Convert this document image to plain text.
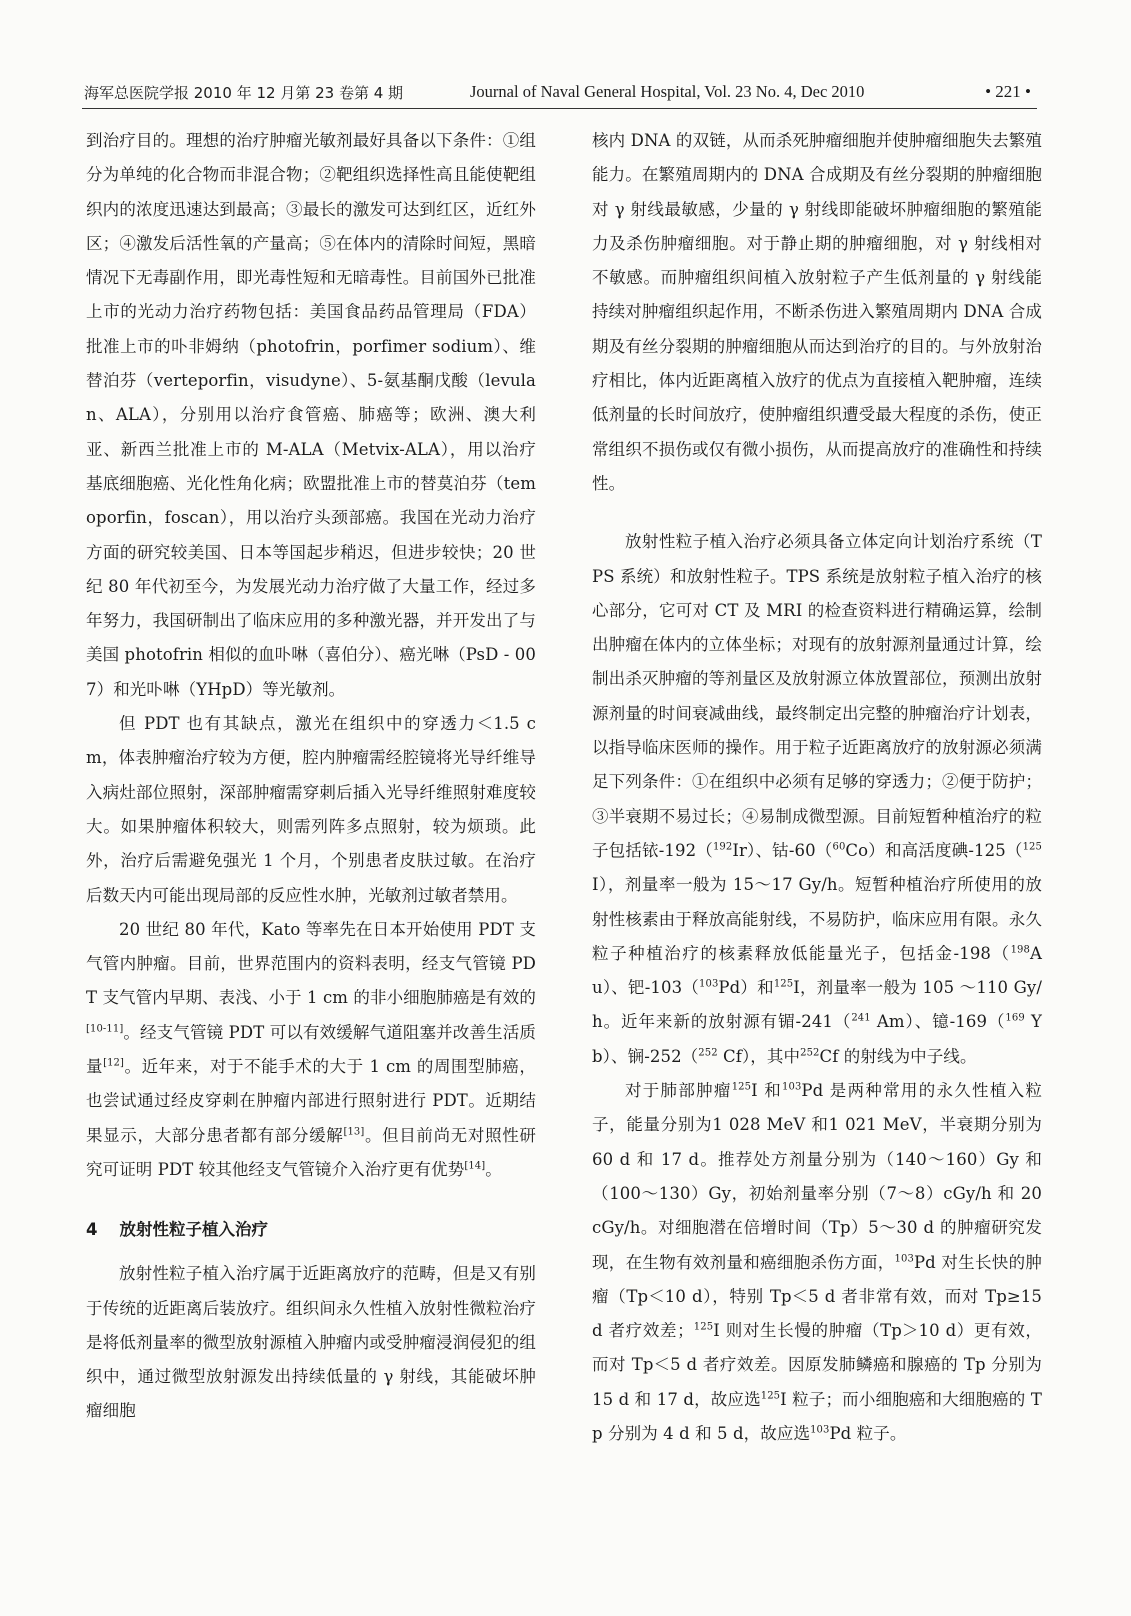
海军总医院学报 2010 年 12 月第 23 卷第 4 期	Journal of Naval General Hospital, Vol. 23 No. 4, Dec 2010	• 221 •

到治疗目的。理想的治疗肿瘤光敏剂最好具备以下条件：①组分为单纯的化合物而非混合物；②靶组织选择性高且能使靶组织内的浓度迅速达到最高；③最长的激发可达到红区，近红外区；④激发后活性氧的产量高；⑤在体内的清除时间短，黑暗情况下无毒副作用，即光毒性短和无暗毒性。目前国外已批准上市的光动力治疗药物包括：美国食品药品管理局（FDA）批准上市的卟非姆纳（photofrin，porfimer sodium）、维替泊芬（verteporfin，visudyne）、5-氨基酮戊酸（levulan、ALA），分别用以治疗食管癌、肺癌等；欧洲、澳大利亚、新西兰批准上市的 M-ALA（Metvix-ALA），用以治疗基底细胞癌、光化性角化病；欧盟批准上市的替莫泊芬（temoporfin，foscan），用以治疗头颈部癌。我国在光动力治疗方面的研究较美国、日本等国起步稍迟，但进步较快；20 世纪 80 年代初至今，为发展光动力治疗做了大量工作，经过多年努力，我国研制出了临床应用的多种激光器，并开发出了与美国 photofrin 相似的血卟啉（喜伯分）、癌光啉（PsD - 007）和光卟啉（YHpD）等光敏剂。

但 PDT 也有其缺点，激光在组织中的穿透力＜1.5 cm，体表肿瘤治疗较为方便，腔内肿瘤需经腔镜将光导纤维导入病灶部位照射，深部肿瘤需穿刺后插入光导纤维照射难度较大。如果肿瘤体积较大，则需列阵多点照射，较为烦琐。此外，治疗后需避免强光 1 个月，个别患者皮肤过敏。在治疗后数天内可能出现局部的反应性水肿，光敏剂过敏者禁用。

20 世纪 80 年代，Kato 等率先在日本开始使用 PDT 支气管内肿瘤。目前，世界范围内的资料表明，经支气管镜 PDT 支气管内早期、表浅、小于 1 cm 的非小细胞肺癌是有效的[10-11]。经支气管镜 PDT 可以有效缓解气道阻塞并改善生活质量[12]。近年来，对于不能手术的大于 1 cm 的周围型肺癌，也尝试通过经皮穿刺在肿瘤内部进行照射进行 PDT。近期结果显示，大部分患者都有部分缓解[13]。但目前尚无对照性研究可证明 PDT 较其他经支气管镜介入治疗更有优势[14]。

4 放射性粒子植入治疗

放射性粒子植入治疗属于近距离放疗的范畴，但是又有别于传统的近距离后装放疗。组织间永久性植入放射性微粒治疗是将低剂量率的微型放射源植入肿瘤内或受肿瘤浸润侵犯的组织中，通过微型放射源发出持续低量的 γ 射线，其能破坏肿瘤细胞

核内 DNA 的双链，从而杀死肿瘤细胞并使肿瘤细胞失去繁殖能力。在繁殖周期内的 DNA 合成期及有丝分裂期的肿瘤细胞对 γ 射线最敏感，少量的 γ 射线即能破坏肿瘤细胞的繁殖能力及杀伤肿瘤细胞。对于静止期的肿瘤细胞，对 γ 射线相对不敏感。而肿瘤组织间植入放射粒子产生低剂量的 γ 射线能持续对肿瘤组织起作用，不断杀伤进入繁殖周期内 DNA 合成期及有丝分裂期的肿瘤细胞从而达到治疗的目的。与外放射治疗相比，体内近距离植入放疗的优点为直接植入靶肿瘤，连续低剂量的长时间放疗，使肿瘤组织遭受最大程度的杀伤，使正常组织不损伤或仅有微小损伤，从而提高放疗的准确性和持续性。

放射性粒子植入治疗必须具备立体定向计划治疗系统（TPS 系统）和放射性粒子。TPS 系统是放射粒子植入治疗的核心部分，它可对 CT 及 MRI 的检查资料进行精确运算，绘制出肿瘤在体内的立体坐标；对现有的放射源剂量通过计算，绘制出杀灭肿瘤的等剂量区及放射源立体放置部位，预测出放射源剂量的时间衰减曲线，最终制定出完整的肿瘤治疗计划表，以指导临床医师的操作。用于粒子近距离放疗的放射源必须满足下列条件：①在组织中必须有足够的穿透力；②便于防护；③半衰期不易过长；④易制成微型源。目前短暂种植治疗的粒子包括铱-192（$^{192}$Ir）、钴-60（$^{60}$Co）和高活度碘-125（$^{125}$I），剂量率一般为 15～17 Gy/h。短暂种植治疗所使用的放射性核素由于释放高能射线，不易防护，临床应用有限。永久粒子种植治疗的核素释放低能量光子，包括金-198（$^{198}$Au）、钯-103（$^{103}$Pd）和$^{125}$I，剂量率一般为 105 ～110 Gy/ h。近年来新的放射源有镅-241（$^{241}$ Am）、镱-169（$^{169}$ Yb）、锎-252（$^{252}$ Cf），其中$^{252}$Cf 的射线为中子线。

对于肺部肿瘤$^{125}$I 和$^{103}$Pd 是两种常用的永久性植入粒子，能量分别为1 028 MeV 和1 021 MeV，半衰期分别为 60 d 和 17 d。推荐处方剂量分别为（140～160）Gy 和（100～130）Gy，初始剂量率分别（7～8）cGy/h 和 20 cGy/h。对细胞潜在倍增时间（Tp）5～30 d 的肿瘤研究发现，在生物有效剂量和癌细胞杀伤方面，$^{103}$Pd 对生长快的肿瘤（Tp＜10 d），特别 Tp＜5 d 者非常有效，而对 Tp≥15 d 者疗效差；$^{125}$I 则对生长慢的肿瘤（Tp＞10 d）更有效，而对 Tp＜5 d 者疗效差。因原发肺鳞癌和腺癌的 Tp 分别为 15 d 和 17 d，故应选$^{125}$I 粒子；而小细胞癌和大细胞癌的 Tp 分别为 4 d 和 5 d，故应选$^{103}$Pd 粒子。
